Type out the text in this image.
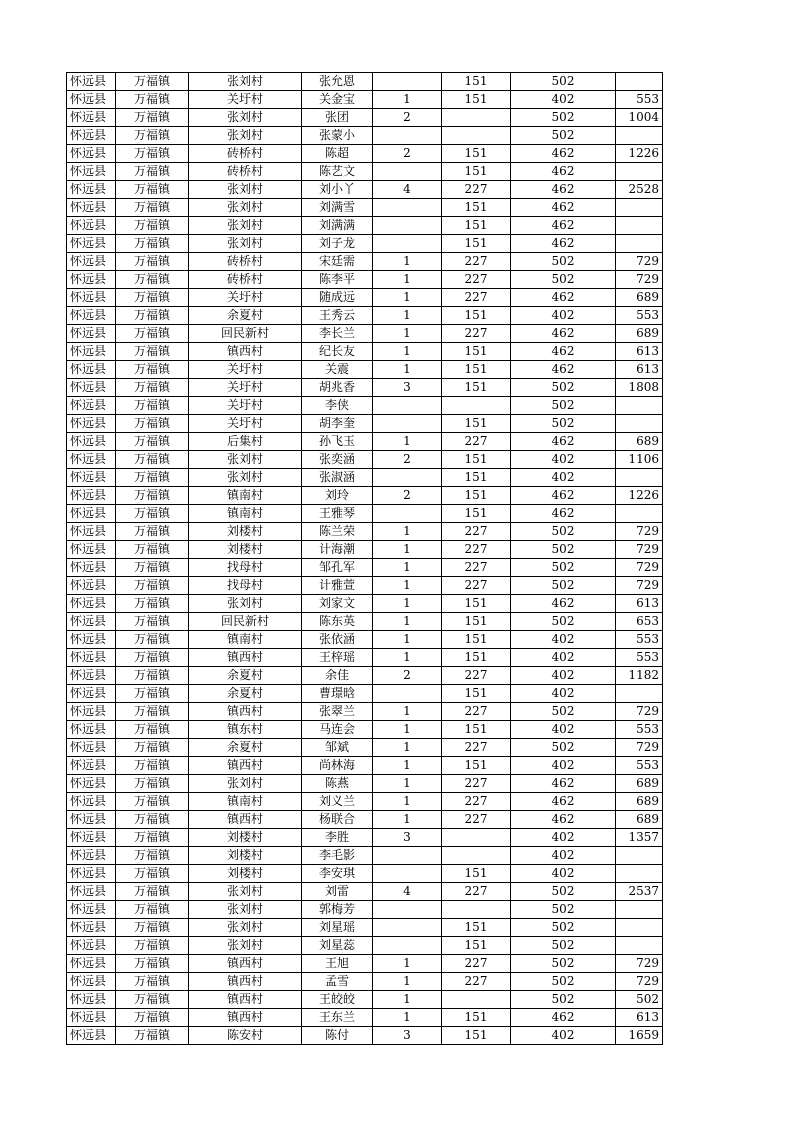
怀远县	万福镇	张刘村	张允恩		151	502	
怀远县	万福镇	关圩村	关金宝	1	151	402	553
怀远县	万福镇	张刘村	张团	2		502	1004
怀远县	万福镇	张刘村	张蒙小			502	
怀远县	万福镇	砖桥村	陈超	2	151	462	1226
怀远县	万福镇	砖桥村	陈艺文		151	462	
怀远县	万福镇	张刘村	刘小丫	4	227	462	2528
怀远县	万福镇	张刘村	刘满雪		151	462	
怀远县	万福镇	张刘村	刘满满		151	462	
怀远县	万福镇	张刘村	刘子龙		151	462	
怀远县	万福镇	砖桥村	宋廷需	1	227	502	729
怀远县	万福镇	砖桥村	陈李平	1	227	502	729
怀远县	万福镇	关圩村	随成远	1	227	462	689
怀远县	万福镇	余夏村	王秀云	1	151	402	553
怀远县	万福镇	回民新村	李长兰	1	227	462	689
怀远县	万福镇	镇西村	纪长友	1	151	462	613
怀远县	万福镇	关圩村	关震	1	151	462	613
怀远县	万福镇	关圩村	胡兆香	3	151	502	1808
怀远县	万福镇	关圩村	李侠			502	
怀远县	万福镇	关圩村	胡李奎		151	502	
怀远县	万福镇	后集村	孙飞玉	1	227	462	689
怀远县	万福镇	张刘村	张奕涵	2	151	402	1106
怀远县	万福镇	张刘村	张淑涵		151	402	
怀远县	万福镇	镇南村	刘玲	2	151	462	1226
怀远县	万福镇	镇南村	王雅琴		151	462	
怀远县	万福镇	刘楼村	陈兰荣	1	227	502	729
怀远县	万福镇	刘楼村	计海潮	1	227	502	729
怀远县	万福镇	找母村	邹孔军	1	227	502	729
怀远县	万福镇	找母村	计雅萱	1	227	502	729
怀远县	万福镇	张刘村	刘家文	1	151	462	613
怀远县	万福镇	回民新村	陈东英	1	151	502	653
怀远县	万福镇	镇南村	张依涵	1	151	402	553
怀远县	万福镇	镇西村	王梓瑶	1	151	402	553
怀远县	万福镇	余夏村	余佳	2	227	402	1182
怀远县	万福镇	余夏村	曹璟晗		151	402	
怀远县	万福镇	镇西村	张翠兰	1	227	502	729
怀远县	万福镇	镇东村	马连会	1	151	402	553
怀远县	万福镇	余夏村	邹斌	1	227	502	729
怀远县	万福镇	镇西村	尚林海	1	151	402	553
怀远县	万福镇	张刘村	陈燕	1	227	462	689
怀远县	万福镇	镇南村	刘义兰	1	227	462	689
怀远县	万福镇	镇西村	杨联合	1	227	462	689
怀远县	万福镇	刘楼村	李胜	3		402	1357
怀远县	万福镇	刘楼村	李毛影			402	
怀远县	万福镇	刘楼村	李安琪		151	402	
怀远县	万福镇	张刘村	刘雷	4	227	502	2537
怀远县	万福镇	张刘村	郭梅芳			502	
怀远县	万福镇	张刘村	刘星瑶		151	502	
怀远县	万福镇	张刘村	刘星蕊		151	502	
怀远县	万福镇	镇西村	王旭	1	227	502	729
怀远县	万福镇	镇西村	孟雪	1	227	502	729
怀远县	万福镇	镇西村	王皎皎	1		502	502
怀远县	万福镇	镇西村	王东兰	1	151	462	613
怀远县	万福镇	陈安村	陈付	3	151	402	1659
